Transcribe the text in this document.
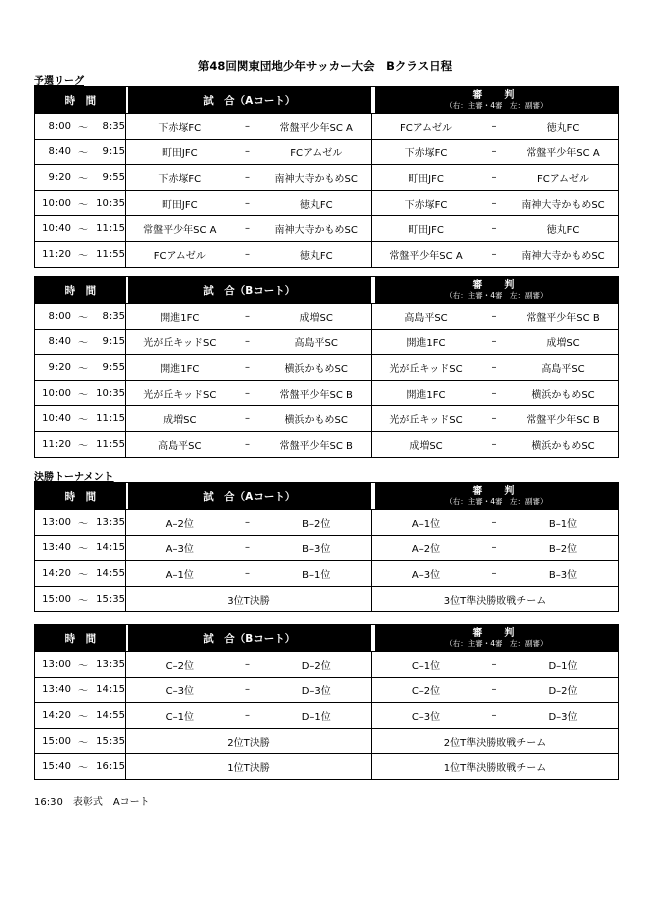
第48回関東団地少年サッカー大会　Bクラス日程
予選リーグ
時　間	試　合（Aコート）	審　判
（右：主審・4審　左：副審）
8:00 〜	8:35	下赤塚FC	–	常盤平少年SC A	FCアムゼル	–	徳丸FC
8:40 〜	9:15	町田JFC	–	FCアムゼル	下赤塚FC	–	常盤平少年SC A
9:20 〜	9:55	下赤塚FC	–	南神大寺かもめSC	町田JFC	–	FCアムゼル
10:00 〜 10:35	町田JFC	–	徳丸FC	下赤塚FC	–	南神大寺かもめSC
10:40 〜 11:15	常盤平少年SC A	–	南神大寺かもめSC	町田JFC	–	徳丸FC
11:20 〜 11:55	FCアムゼル	–	徳丸FC	常盤平少年SC A	–	南神大寺かもめSC
時　間	試　合（Bコート）	審　判
（右：主審・4審　左：副審）
8:00 〜	8:35	開進1FC	–	成増SC	高島平SC	–	常盤平少年SC B
8:40 〜	9:15	光が丘キッドSC	–	高島平SC	開進1FC	–	成増SC
9:20 〜	9:55	開進1FC	–	横浜かもめSC	光が丘キッドSC	–	高島平SC
10:00 〜 10:35	光が丘キッドSC	–	常盤平少年SC B	開進1FC	–	横浜かもめSC
10:40 〜 11:15	成増SC	–	横浜かもめSC	光が丘キッドSC	–	常盤平少年SC B
11:20 〜 11:55	高島平SC	–	常盤平少年SC B	成増SC	–	横浜かもめSC
決勝トーナメント
時　間	試　合（Aコート）	審　判
（右：主審・4審　左：副審）
13:00 〜 13:35	A–2位	–	B–2位	A–1位	–	B–1位
13:40 〜 14:15	A–3位	–	B–3位	A–2位	–	B–2位
14:20 〜 14:55	A–1位	–	B–1位	A–3位	–	B–3位
15:00 〜 15:35	3位T決勝	3位T準決勝敗戦チーム
時　間	試　合（Bコート）	審　判
（右：主審・4審　左：副審）
13:00 〜 13:35	C–2位	–	D–2位	C–1位	–	D–1位
13:40 〜 14:15	C–3位	–	D–3位	C–2位	–	D–2位
14:20 〜 14:55	C–1位	–	D–1位	C–3位	–	D–3位
15:00 〜 15:35	2位T決勝	2位T準決勝敗戦チーム
15:40 〜 16:15	1位T決勝	1位T準決勝敗戦チーム
16:30　表彰式　Aコート
